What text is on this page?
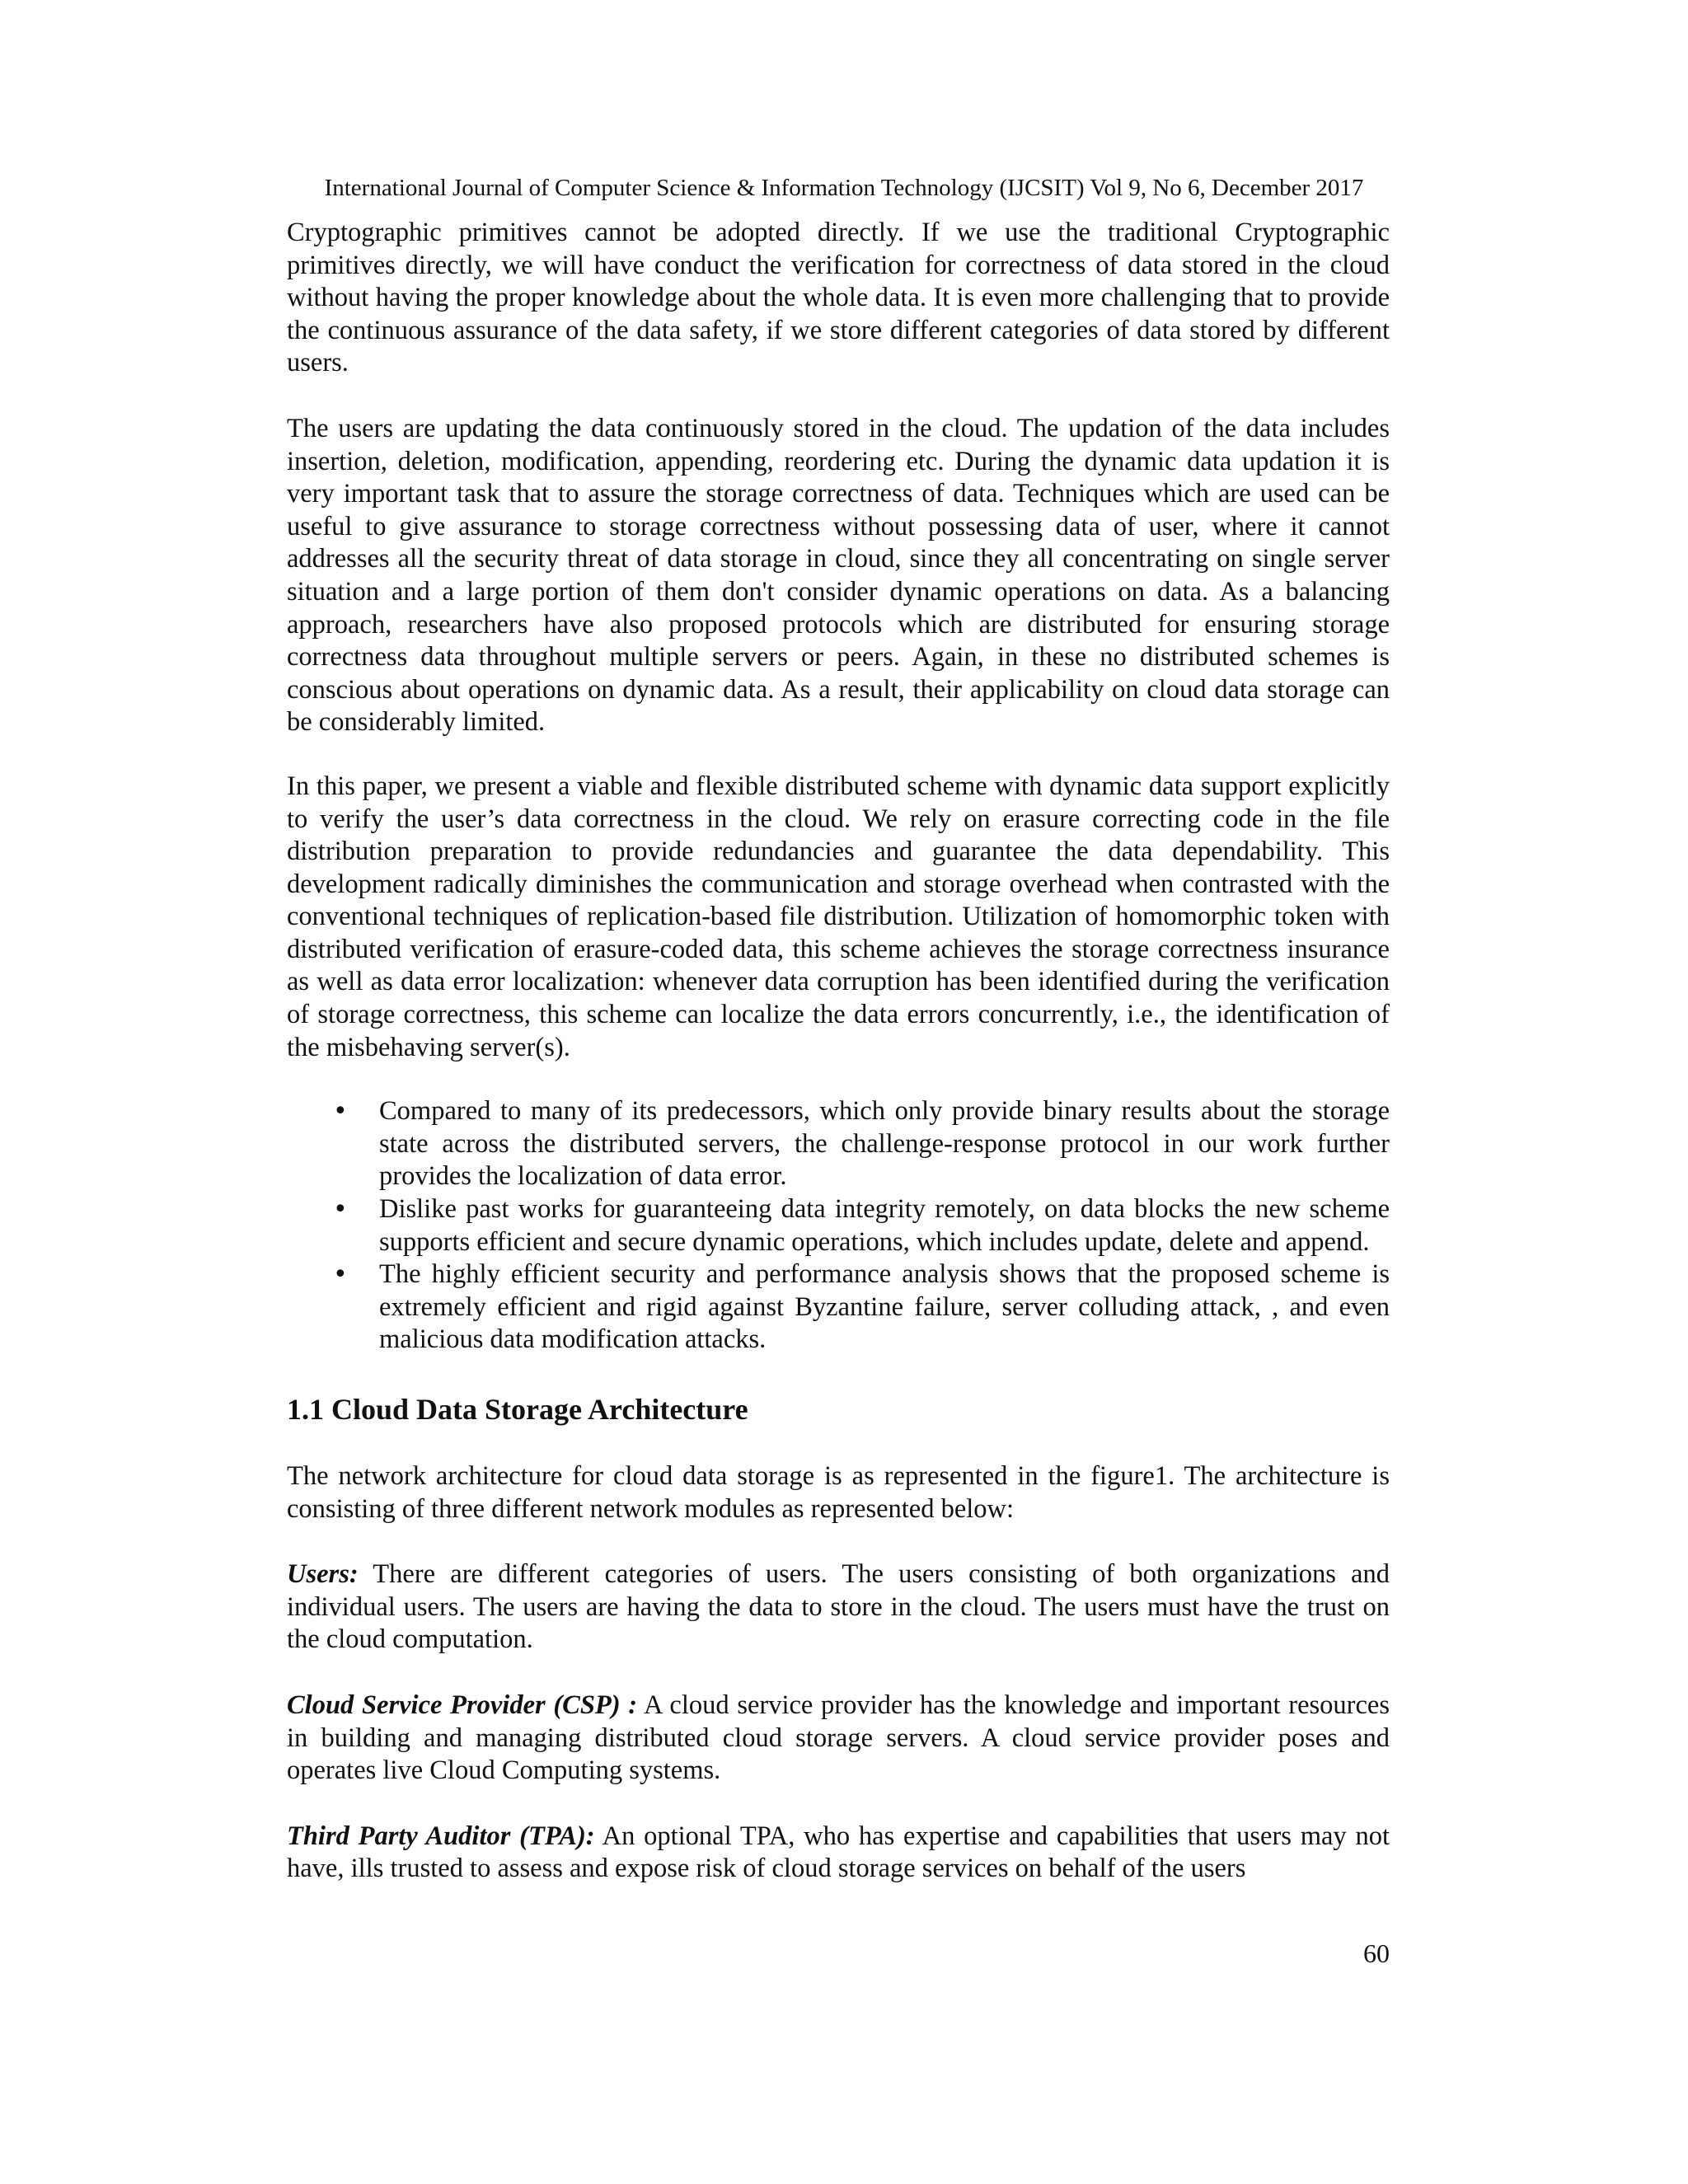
International Journal of Computer Science & Information Technology (IJCSIT) Vol 9, No 6, December 2017

Cryptographic primitives cannot be adopted directly. If we use the traditional Cryptographic primitives directly, we will have conduct the verification for correctness of data stored in the cloud without having the proper knowledge about the whole data. It is even more challenging that to provide the continuous assurance of the data safety, if we store different categories of data stored by different users.

The users are updating the data continuously stored in the cloud. The updation of the data includes insertion, deletion, modification, appending, reordering etc. During the dynamic data updation it is very important task that to assure the storage correctness of data. Techniques which are used can be useful to give assurance to storage correctness without possessing data of user, where it cannot addresses all the security threat of data storage in cloud, since they all concentrating on single server situation and a large portion of them don't consider dynamic operations on data. As a balancing approach, researchers have also proposed protocols which are distributed for ensuring storage correctness data throughout multiple servers or peers. Again, in these no distributed schemes is conscious about operations on dynamic data. As a result, their applicability on cloud data storage can be considerably limited.

In this paper, we present a viable and flexible distributed scheme with dynamic data support explicitly to verify the user’s data correctness in the cloud. We rely on erasure correcting code in the file distribution preparation to provide redundancies and guarantee the data dependability. This development radically diminishes the communication and storage overhead when contrasted with the conventional techniques of replication-based file distribution. Utilization of homomorphic token with distributed verification of erasure-coded data, this scheme achieves the storage correctness insurance as well as data error localization: whenever data corruption has been identified during the verification of storage correctness, this scheme can localize the data errors concurrently, i.e., the identification of the misbehaving server(s).

• Compared to many of its predecessors, which only provide binary results about the storage state across the distributed servers, the challenge-response protocol in our work further provides the localization of data error.
• Dislike past works for guaranteeing data integrity remotely, on data blocks the new scheme supports efficient and secure dynamic operations, which includes update, delete and append.
• The highly efficient security and performance analysis shows that the proposed scheme is extremely efficient and rigid against Byzantine failure, server colluding attack, , and even malicious data modification attacks.
1.1 Cloud Data Storage Architecture

The network architecture for cloud data storage is as represented in the figure1. The architecture is consisting of three different network modules as represented below:

Users: There are different categories of users. The users consisting of both organizations and individual users. The users are having the data to store in the cloud. The users must have the trust on the cloud computation.

Cloud Service Provider (CSP) : A cloud service provider has the knowledge and important resources in building and managing distributed cloud storage servers. A cloud service provider poses and operates live Cloud Computing systems.

Third Party Auditor (TPA): An optional TPA, who has expertise and capabilities that users may not have, ills trusted to assess and expose risk of cloud storage services on behalf of the users

60
